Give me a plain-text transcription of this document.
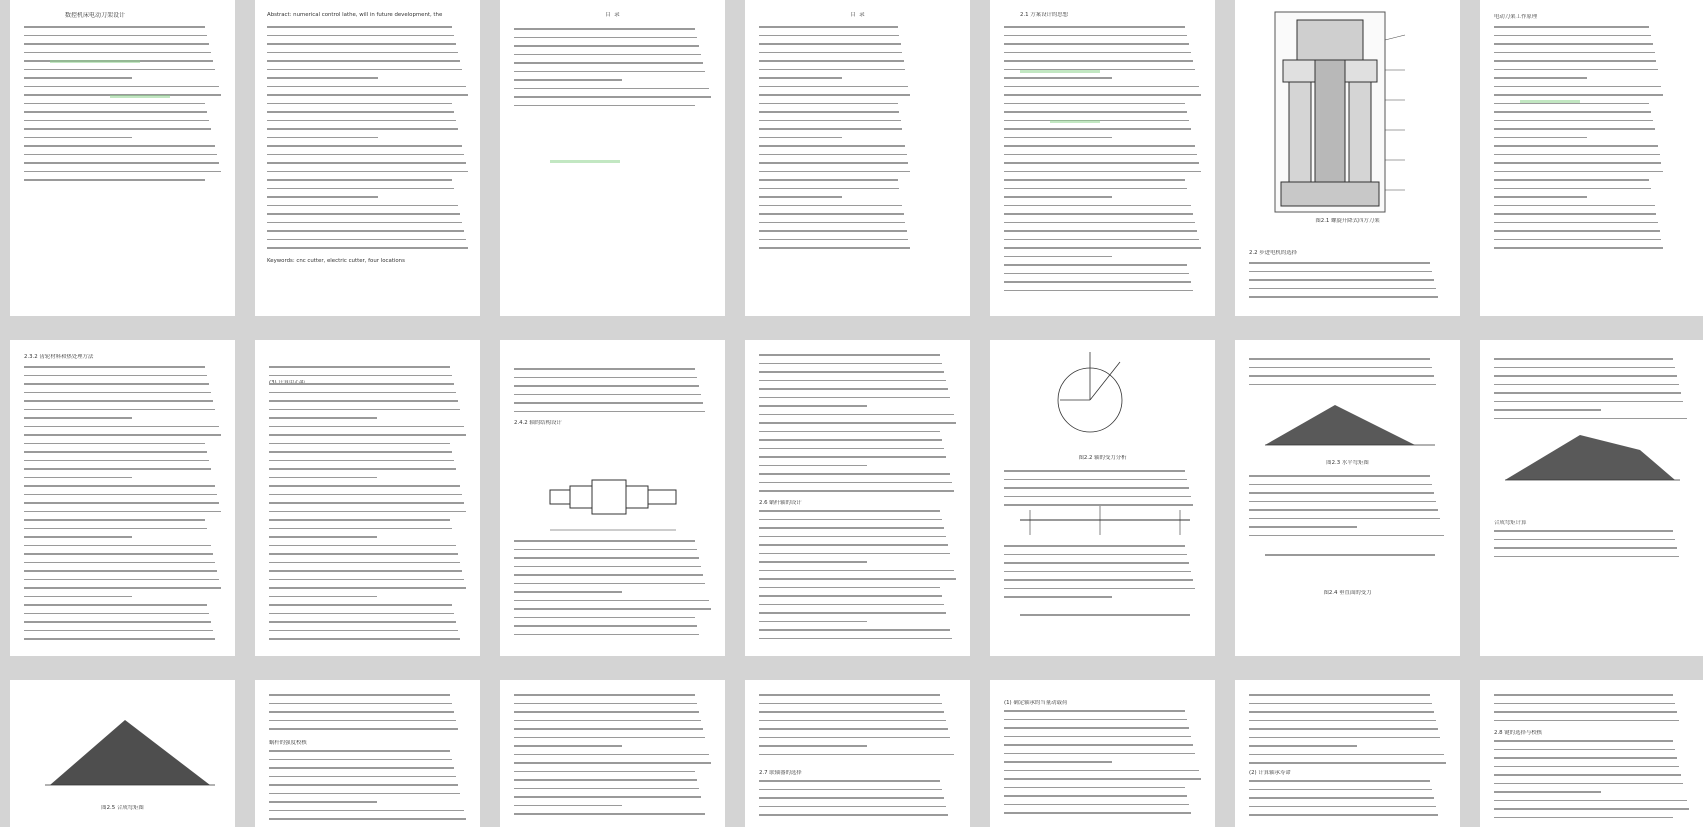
数控机床电动刀架设计	Abstract: numerical control lathe, will in future development, the
Keywords: cnc cutter, electric cutter, four locations
目  录	目  录	2.1 方案设计的思想
图2.1 螺旋升降式四方刀架
2.2 步进电机的选择
电动刀架工作原理
2.3.2 齿轮材料和热处理方法
2.4.2 轴的结构设计
2.6 蜗杆轴的设计
图2.2 轴的受力分析
图2.3 水平弯矩图
图2.4 垂直面的受力
合成弯矩计算
图2.5 合成弯矩图
蜗杆的强度校核
2.7 联轴器的选择
(1) 确定轴承的当量动载荷
(2) 计算轴承寿命
2.8 键的选择与校核
